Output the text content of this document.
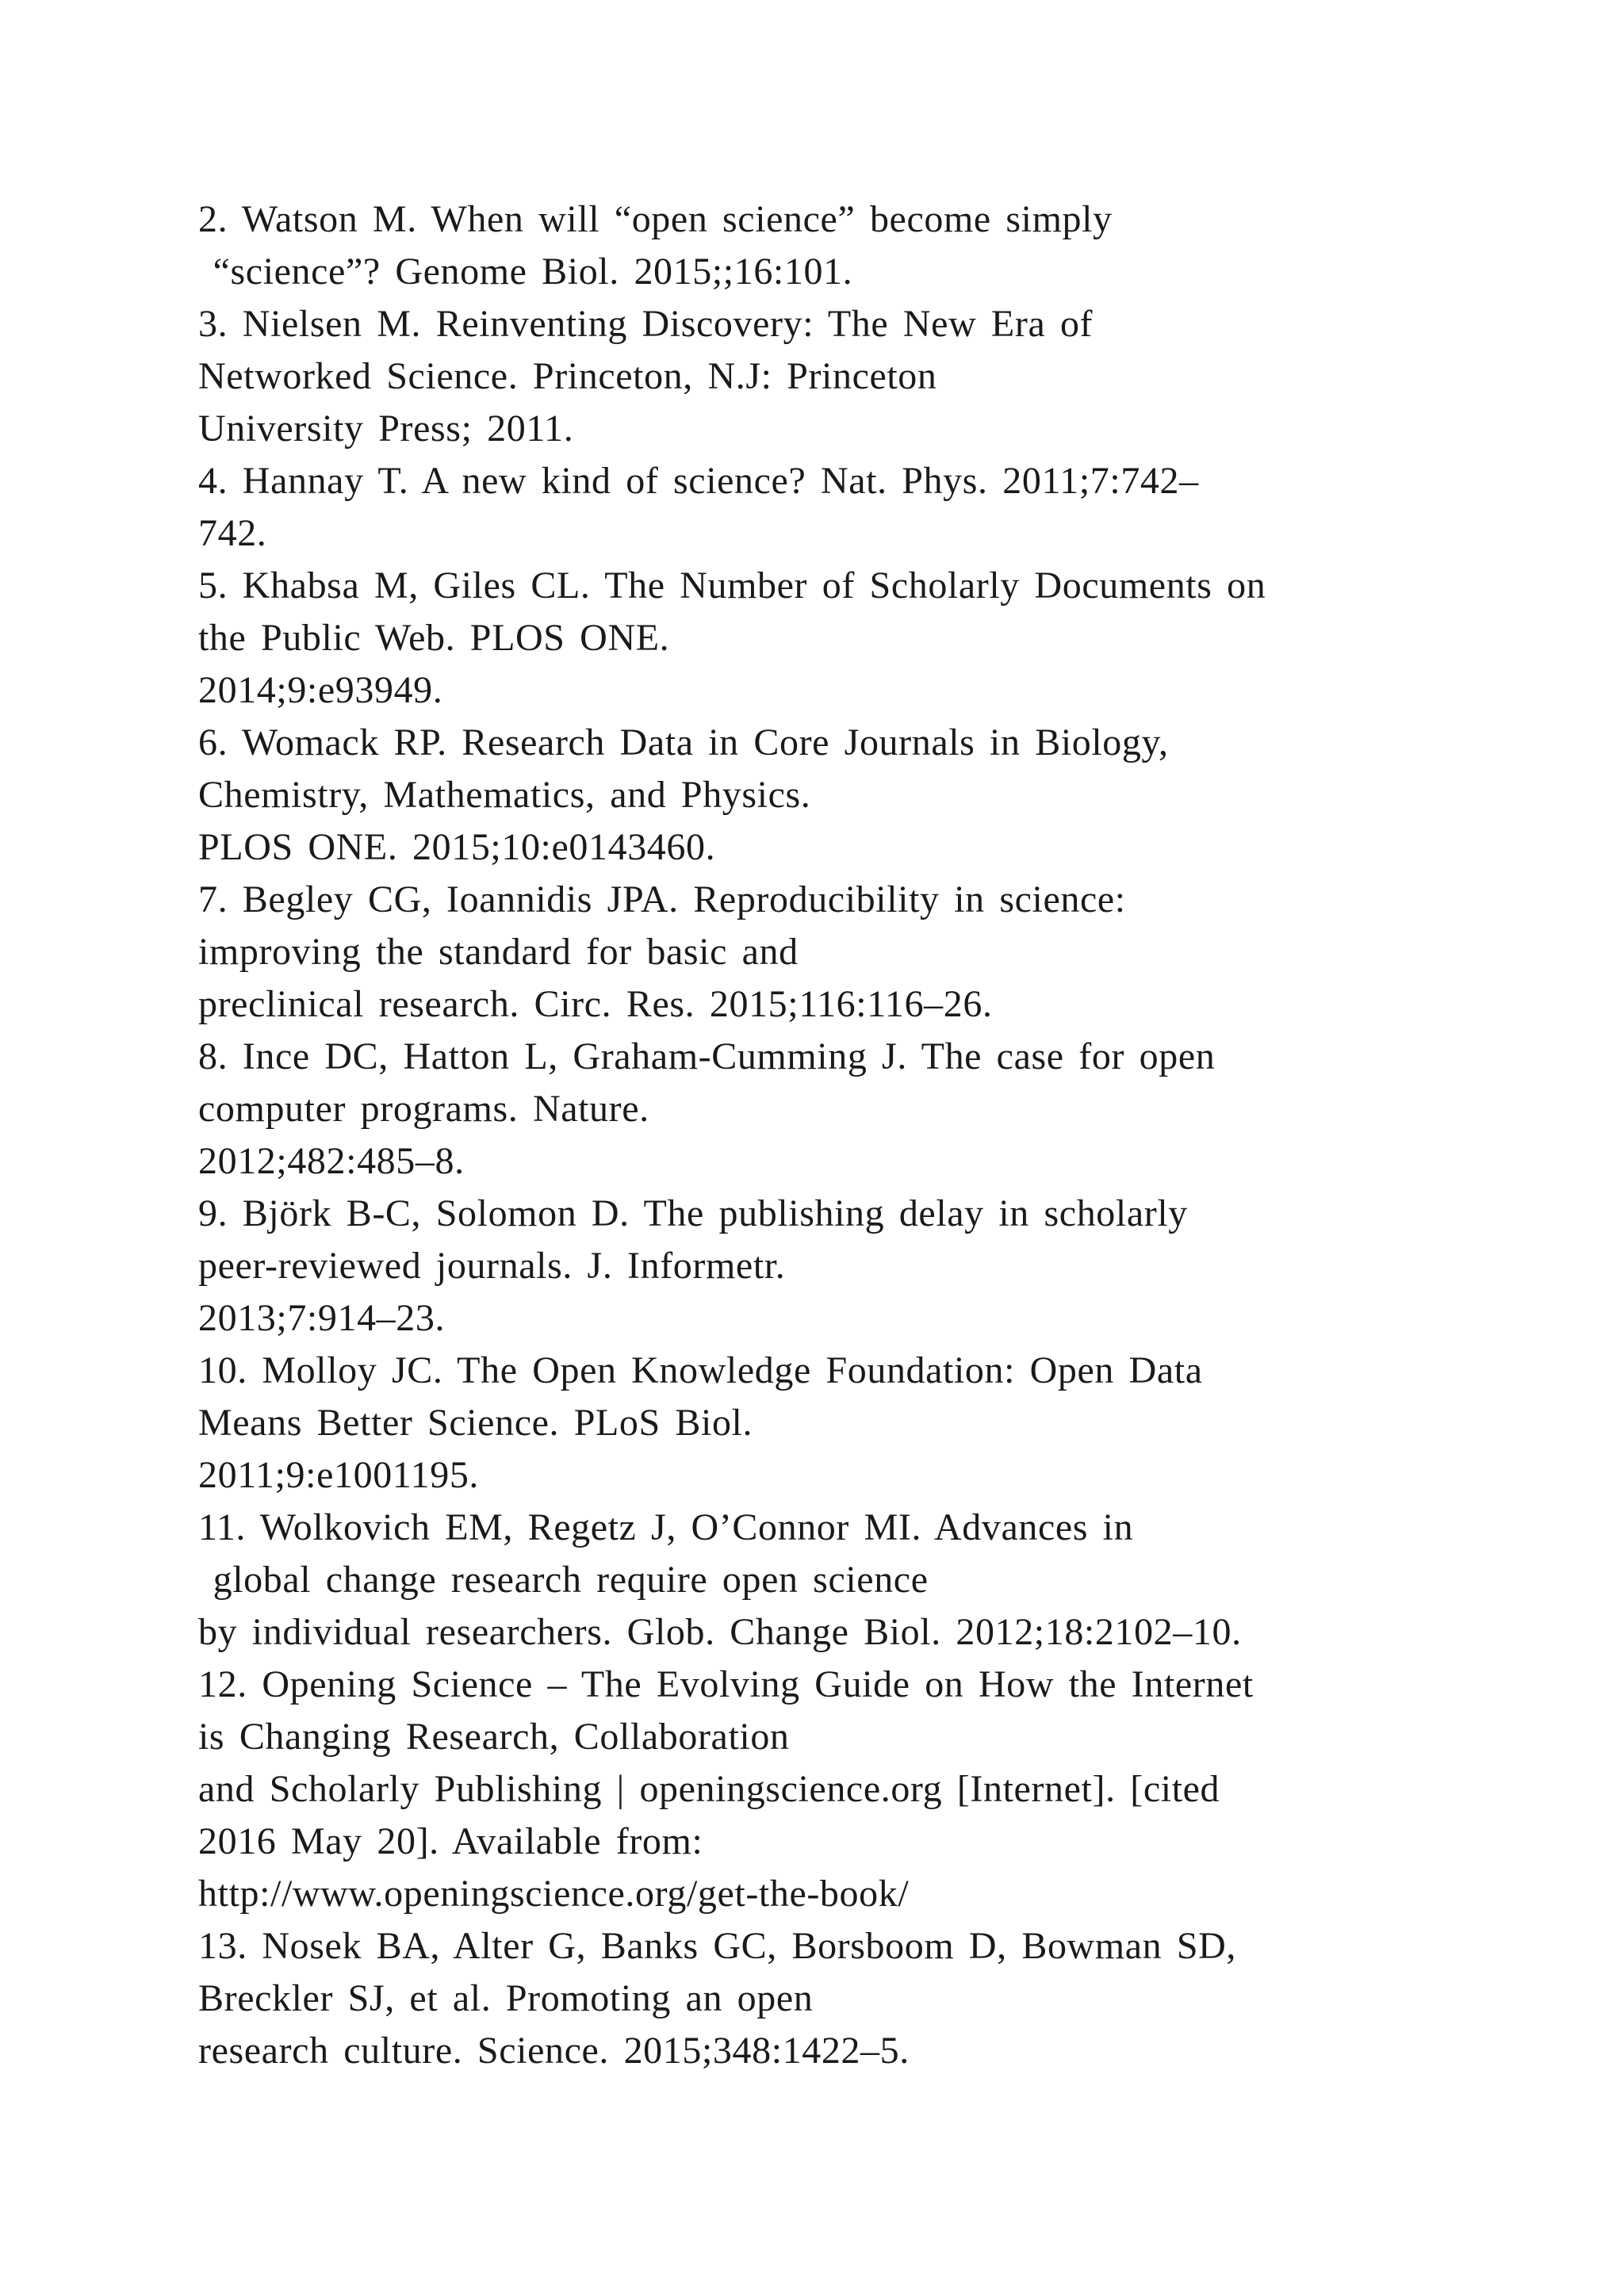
2. Watson M. When will “open science” become simply
“science”? Genome Biol. 2015;;16:101.
3. Nielsen M. Reinventing Discovery: The New Era of
Networked Science. Princeton, N.J: Princeton
University Press; 2011.
4. Hannay T. A new kind of science? Nat. Phys. 2011;7:742–
742.
5. Khabsa M, Giles CL. The Number of Scholarly Documents on
the Public Web. PLOS ONE.
2014;9:e93949.
6. Womack RP. Research Data in Core Journals in Biology,
Chemistry, Mathematics, and Physics.
PLOS ONE. 2015;10:e0143460.
7. Begley CG, Ioannidis JPA. Reproducibility in science:
improving the standard for basic and
preclinical research. Circ. Res. 2015;116:116–26.
8. Ince DC, Hatton L, Graham-Cumming J. The case for open
computer programs. Nature.
2012;482:485–8.
9. Björk B-C, Solomon D. The publishing delay in scholarly
peer-reviewed journals. J. Informetr.
2013;7:914–23.
10. Molloy JC. The Open Knowledge Foundation: Open Data
Means Better Science. PLoS Biol.
2011;9:e1001195.
11. Wolkovich EM, Regetz J, O’Connor MI. Advances in
global change research require open science
by individual researchers. Glob. Change Biol. 2012;18:2102–10.
12. Opening Science – The Evolving Guide on How the Internet
is Changing Research, Collaboration
and Scholarly Publishing | openingscience.org [Internet]. [cited
2016 May 20]. Available from:
http://www.openingscience.org/get-the-book/
13. Nosek BA, Alter G, Banks GC, Borsboom D, Bowman SD,
Breckler SJ, et al. Promoting an open
research culture. Science. 2015;348:1422–5.
